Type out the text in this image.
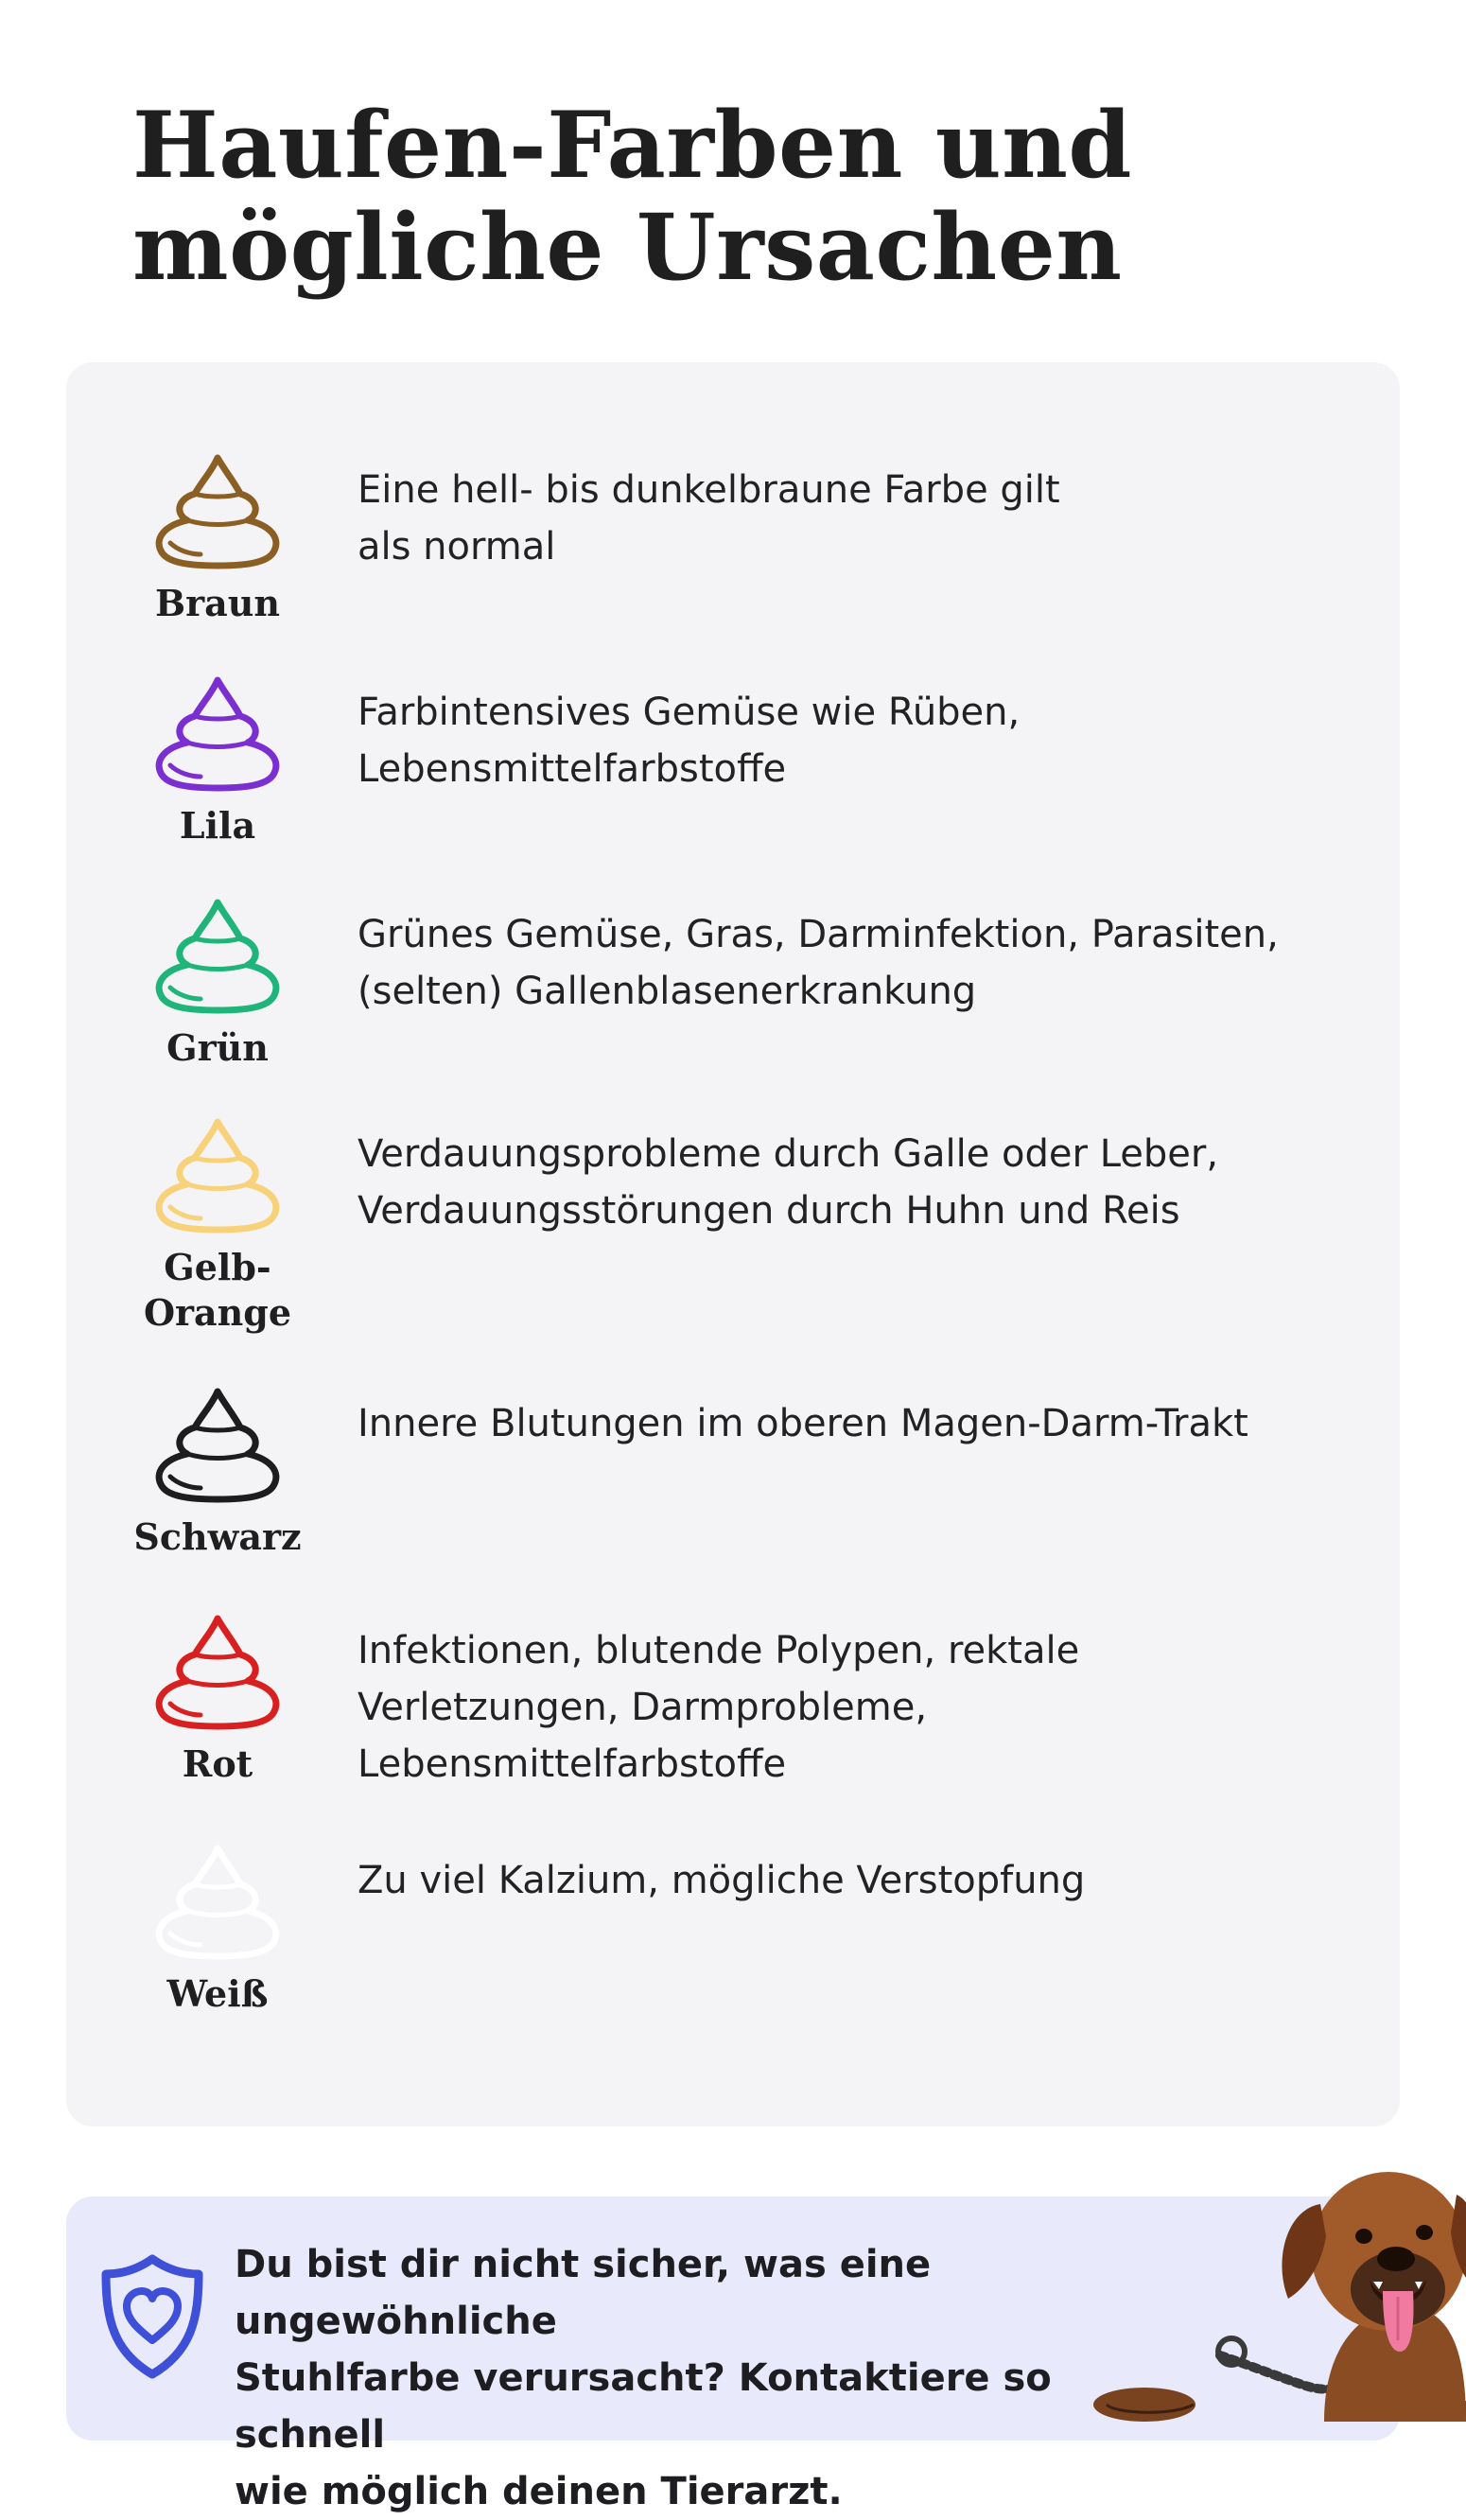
Haufen-Farben und
mögliche Ursachen
Braun

Eine hell- bis dunkelbraune Farbe gilt
als normal

Lila

Farbintensives Gemüse wie Rüben,
Lebensmittelfarbstoffe

Grün

Grünes Gemüse, Gras, Darminfektion, Parasiten,
(selten) Gallenblasenerkrankung

Gelb-
Orange

Verdauungsprobleme durch Galle oder Leber,
Verdauungsstörungen durch Huhn und Reis

Schwarz

Innere Blutungen im oberen Magen-Darm-Trakt

Rot

Infektionen, blutende Polypen, rektale
Verletzungen, Darmprobleme,
Lebensmittelfarbstoffe

Weiß

Zu viel Kalzium, mögliche Verstopfung

Du bist dir nicht sicher, was eine ungewöhnliche
Stuhlfarbe verursacht? Kontaktiere so schnell
wie möglich deinen Tierarzt.
